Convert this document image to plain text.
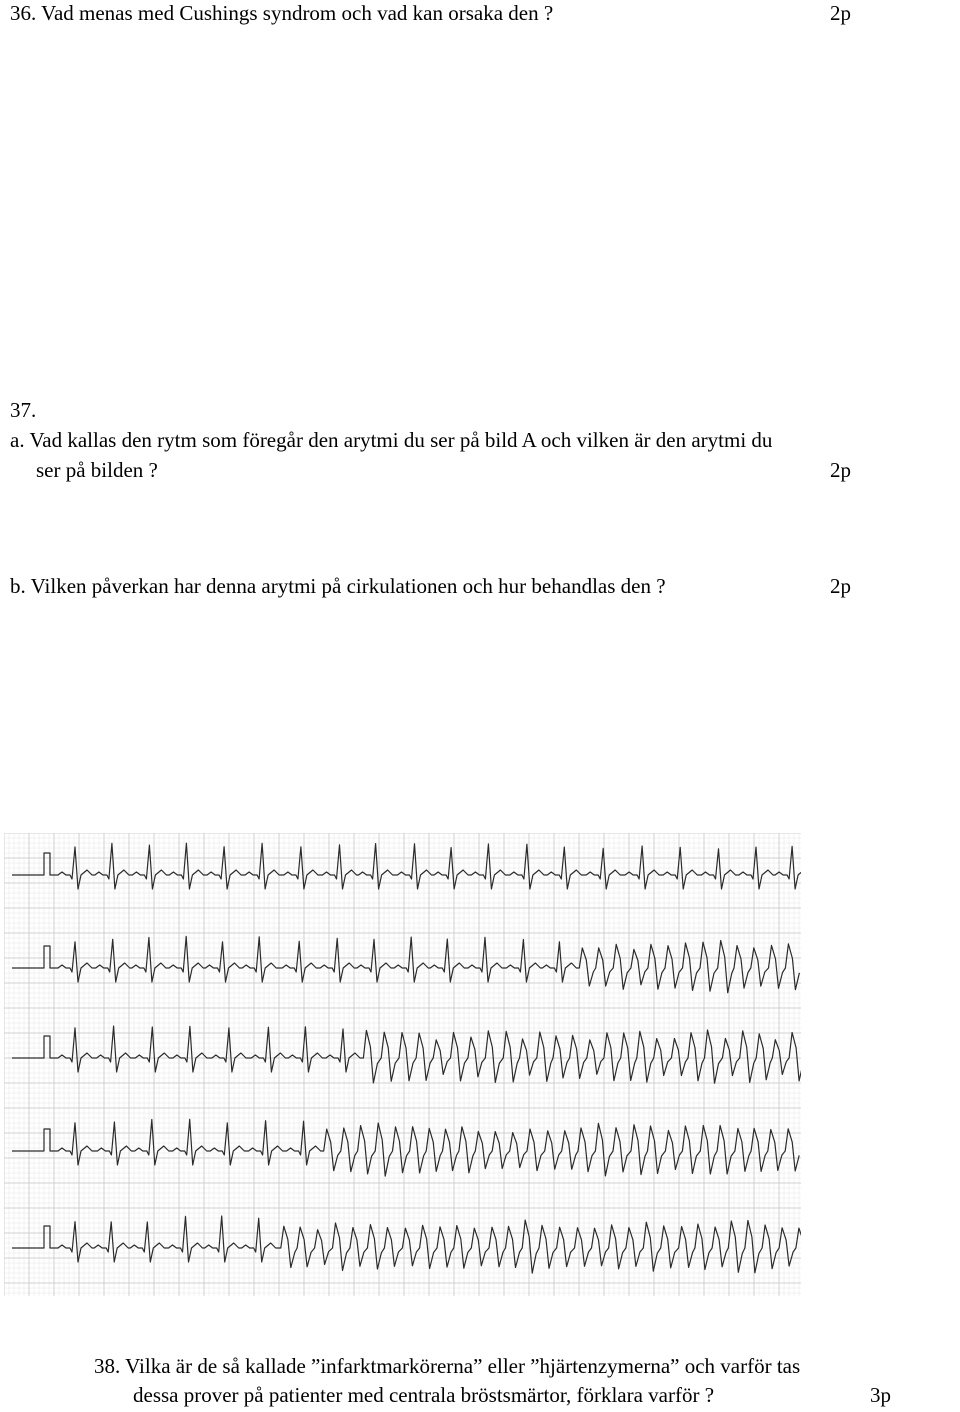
36. Vad menas med Cushings syndrom och vad kan orsaka den ?	2p
37.
a. Vad kallas den rytm som föregår den arytmi du ser på bild A och vilken är den arytmi du
ser på bilden ?	2p
b. Vilken påverkan har denna arytmi på cirkulationen och hur behandlas den ?	2p
38. Vilka är de så kallade ”infarktmarkörerna” eller ”hjärtenzymerna” och varför tas
dessa prover på patienter med centrala bröstsmärtor, förklara varför ?	3p
